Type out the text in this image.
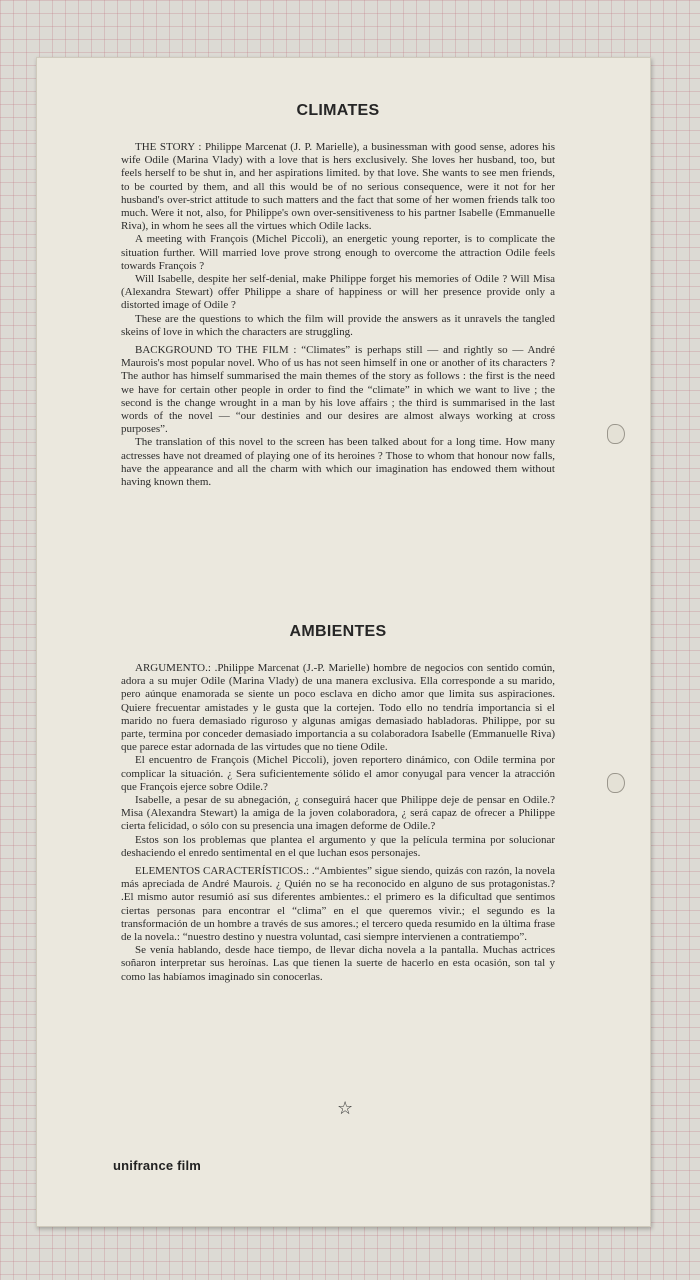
CLIMATES

THE STORY : Philippe Marcenat (J. P. Marielle), a businessman with good sense, adores his wife Odile (Marina Vlady) with a love that is hers exclusively. She loves her husband, too, but feels herself to be shut in, and her aspirations limited. by that love. She wants to see men friends, to be courted by them, and all this would be of no serious consequence, were it not for her husband's over-strict attitude to such matters and the fact that some of her women friends talk too much. Were it not, also, for Philippe's own over-sensitiveness to his partner Isabelle (Emmanuelle Riva), in whom he sees all the virtues which Odile lacks.

A meeting with François (Michel Piccoli), an energetic young reporter, is to complicate the situation further. Will married love prove strong enough to overcome the attraction Odile feels towards François ?

Will Isabelle, despite her self-denial, make Philippe forget his memories of Odile ? Will Misa (Alexandra Stewart) offer Philippe a share of happiness or will her presence provide only a distorted image of Odile ?

These are the questions to which the film will provide the answers as it unravels the tangled skeins of love in which the characters are struggling.

BACKGROUND TO THE FILM : “Climates” is perhaps still — and rightly so — André Maurois's most popular novel. Who of us has not seen himself in one or another of its characters ? The author has himself summarised the main themes of the story as follows : the first is the need we have for certain other people in order to find the “climate” in which we want to live ; the second is the change wrought in a man by his love affairs ; the third is summarised in the last words of the novel — “our destinies and our desires are almost always working at cross purposes”.

The translation of this novel to the screen has been talked about for a long time. How many actresses have not dreamed of playing one of its heroines ? Those to whom that honour now falls, have the appearance and all the charm with which our imagination has endowed them without having known them.

AMBIENTES

ARGUMENTO.: .Philippe Marcenat (J.-P. Marielle) hombre de negocios con sentido común, adora a su mujer Odile (Marina Vlady) de una manera exclusiva. Ella corresponde a su marido, pero aúnque enamorada se siente un poco esclava en dicho amor que limita sus aspiraciones. Quiere frecuentar amistades y le gusta que la cortejen. Todo ello no tendría importancia si el marido no fuera demasiado riguroso y algunas amigas demasiado habladoras. Philippe, por su parte, termina por conceder demasiado importancia a su colaboradora Isabelle (Emmanuelle Riva) que parece estar adornada de las virtudes que no tiene Odile.

El encuentro de François (Michel Piccoli), joven reportero dinámico, con Odile termina por complicar la situación. ¿ Sera suficientemente sólido el amor conyugal para vencer la atracción que François ejerce sobre Odile.?

Isabelle, a pesar de su abnegación, ¿ conseguirá hacer que Philippe deje de pensar en Odile.? Misa (Alexandra Stewart) la amiga de la joven colaboradora, ¿ será capaz de ofrecer a Philippe cierta felicidad, o sólo con su presencia una imagen deforme de Odile.?

Estos son los problemas que plantea el argumento y que la película termina por solucionar deshaciendo el enredo sentimental en el que luchan esos personajes.

ELEMENTOS CARACTERÍSTICOS.: .“Ambientes” sigue siendo, quizás con razón, la novela más apreciada de André Maurois. ¿ Quién no se ha reconocido en alguno de sus protagonistas.? .El mismo autor resumió así sus diferentes ambientes.: el primero es la dificultad que sentimos ciertas personas para encontrar el “clima” en el que queremos vivir.; el segundo es la transformación de un hombre a través de sus amores.; el tercero queda resumido en la última frase de la novela.: “nuestro destino y nuestra voluntad, casi siempre intervienen a contratiempo”.

Se venía hablando, desde hace tiempo, de llevar dicha novela a la pantalla. Muchas actrices soñaron interpretar sus heroínas. Las que tienen la suerte de hacerlo en esta ocasión, son tal y como las habíamos imaginado sin conocerlas.

☆
unifrance film
